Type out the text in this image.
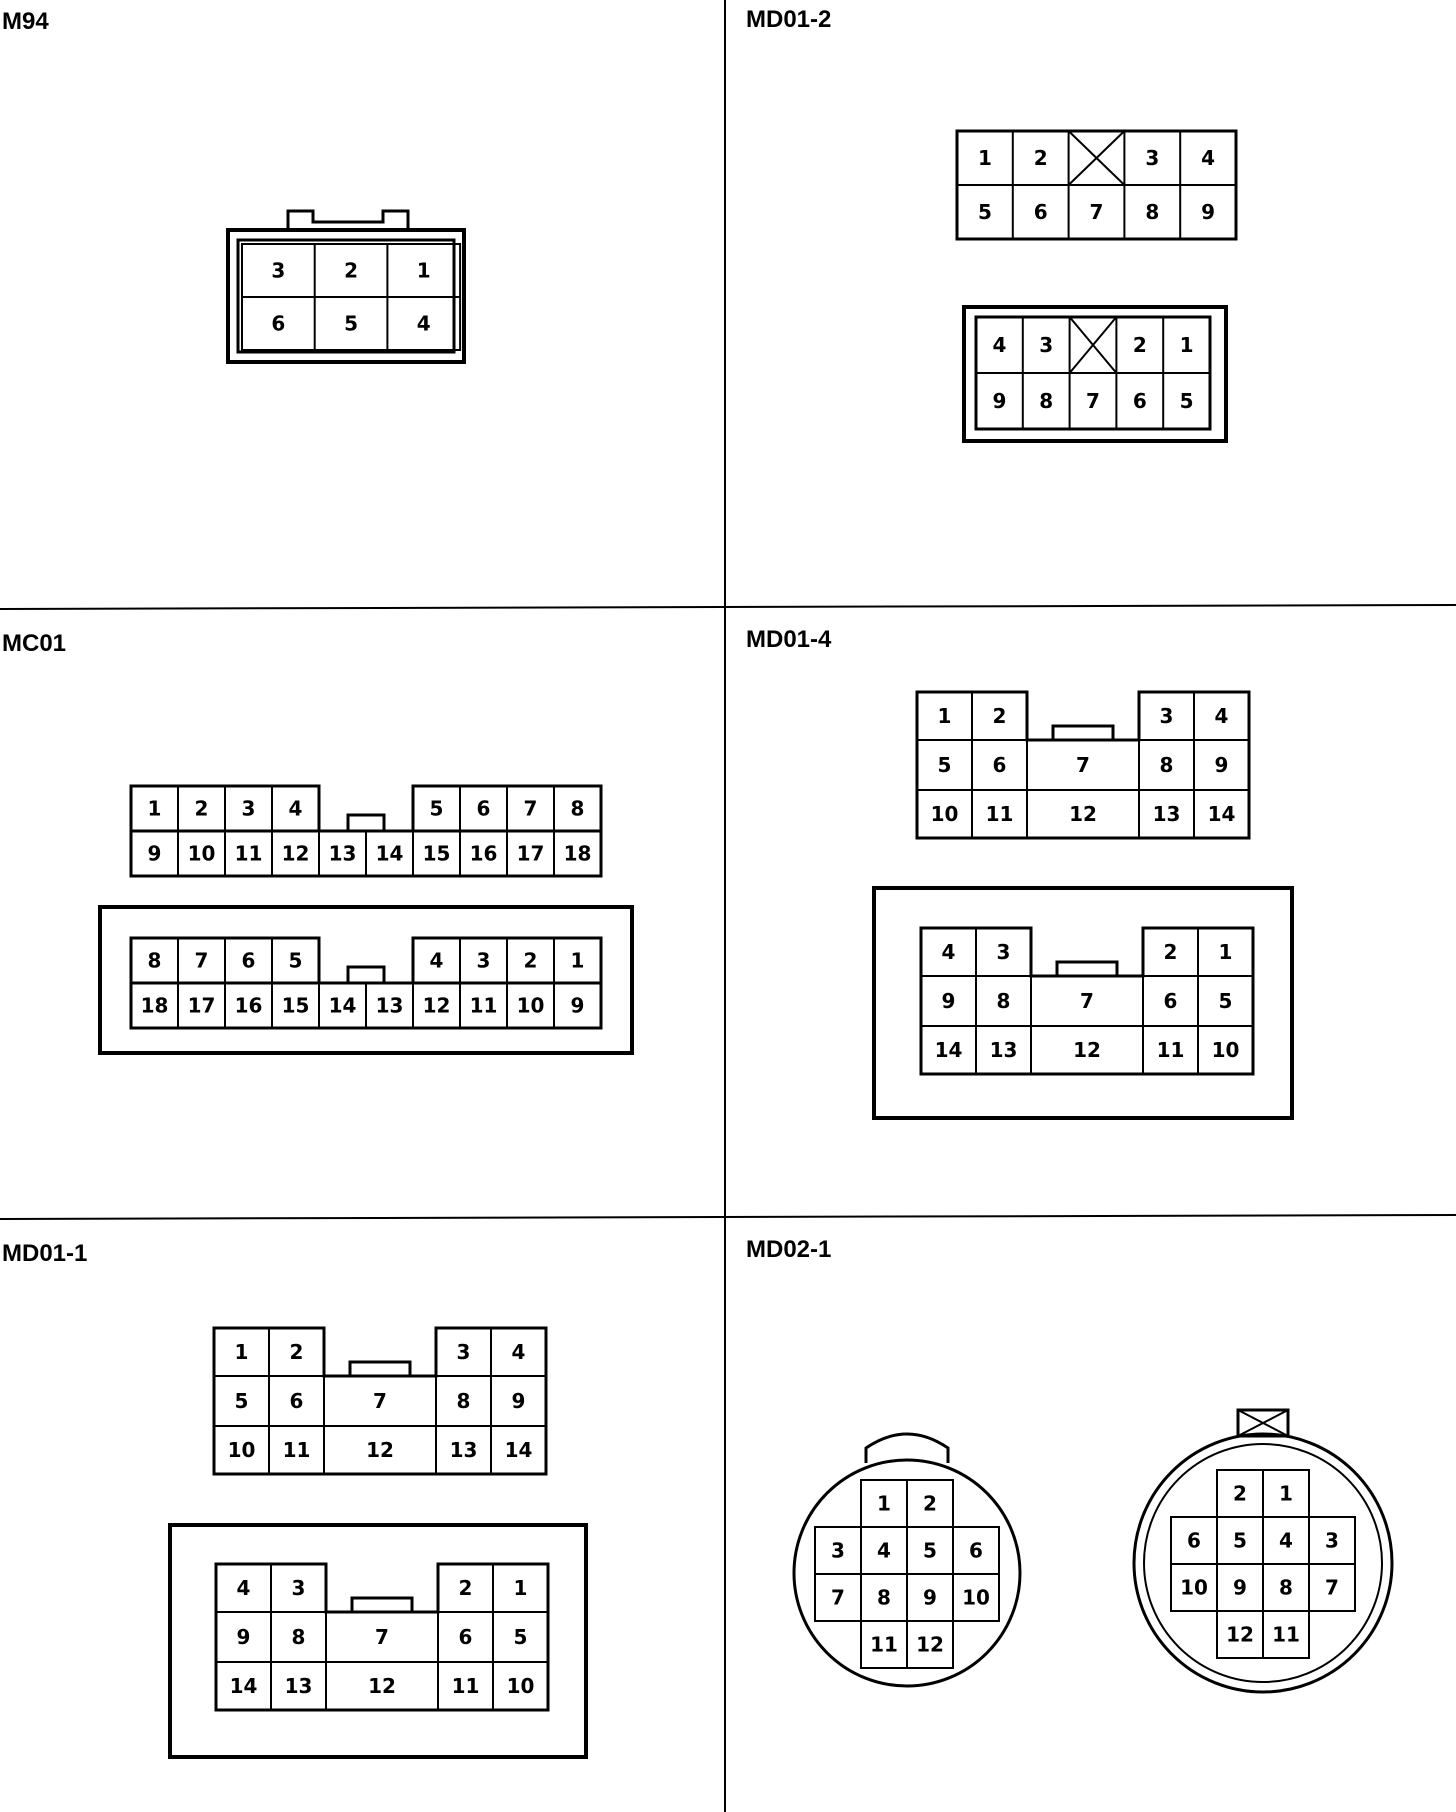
3	2	1
6	5	4
1 2	3 4
5 6 7 8 9
4 3	2 1
9 8 7 6 5
1 2 3 4	5 6 7 8
9 10 11 12 13 14 15 16 17 18
8 7 6 5	4 3 2 1
18 17 16 15 14 13 12 11 10 9
1 2	3 4
5 6	7	8 9
10 11	12	13 14
4 3	2 1
9 8	7	6 5
14 13	12	11 10
1 2	3 4
5 6	7	8 9
10 11	12	13 14
4 3	2 1
9 8	7	6 5
14 13	12	11 10
1 2
3 4 5 6
7 8 9 10
11 12
2 1
6 5 4 3
10 9 8 7
12 11
M94	MD01-2
MC01	MD01-4
MD01-1	MD02-1
